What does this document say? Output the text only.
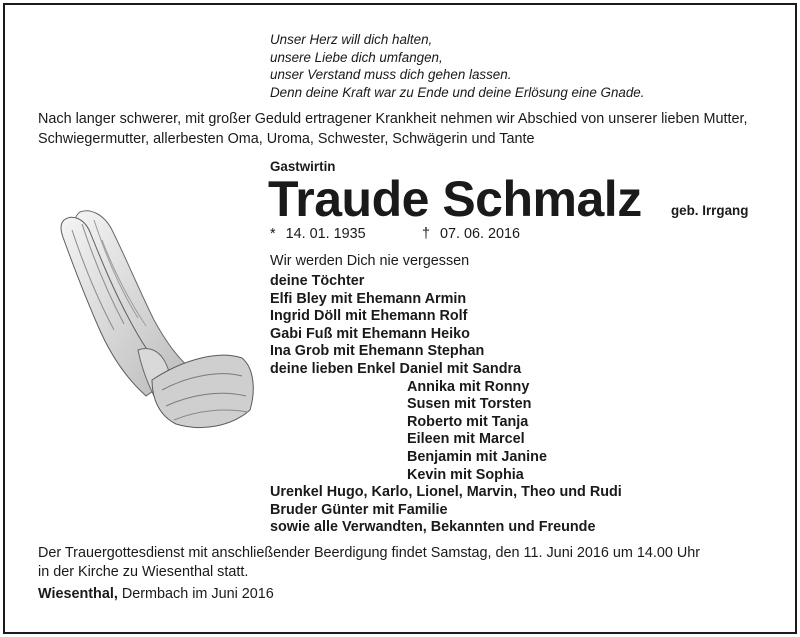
Unser Herz will dich halten,
unsere Liebe dich umfangen,
unser Verstand muss dich gehen lassen.
Denn deine Kraft war zu Ende und deine Erlösung eine Gnade.
Nach langer schwerer, mit großer Geduld ertragener Krankheit nehmen wir Abschied von unserer lieben Mutter, Schwiegermutter, allerbesten Oma, Uroma, Schwester, Schwägerin und Tante
Gastwirtin
Traude Schmalz geb. Irrgang
* 14. 01. 1935	† 07. 06. 2016
Wir werden Dich nie vergessen
deine Töchter
Elfi Bley mit Ehemann Armin
Ingrid Döll mit Ehemann Rolf
Gabi Fuß mit Ehemann Heiko
Ina Grob mit Ehemann Stephan
deine lieben Enkel Daniel mit Sandra
Annika mit Ronny
Susen mit Torsten
Roberto mit Tanja
Eileen mit Marcel
Benjamin mit Janine
Kevin mit Sophia
Urenkel Hugo, Karlo, Lionel, Marvin, Theo und Rudi
Bruder Günter mit Familie
sowie alle Verwandten, Bekannten und Freunde
Der Trauergottesdienst mit anschließender Beerdigung findet Samstag, den 11. Juni 2016 um 14.00 Uhr
in der Kirche zu Wiesenthal statt.
Wiesenthal, Dermbach im Juni 2016
